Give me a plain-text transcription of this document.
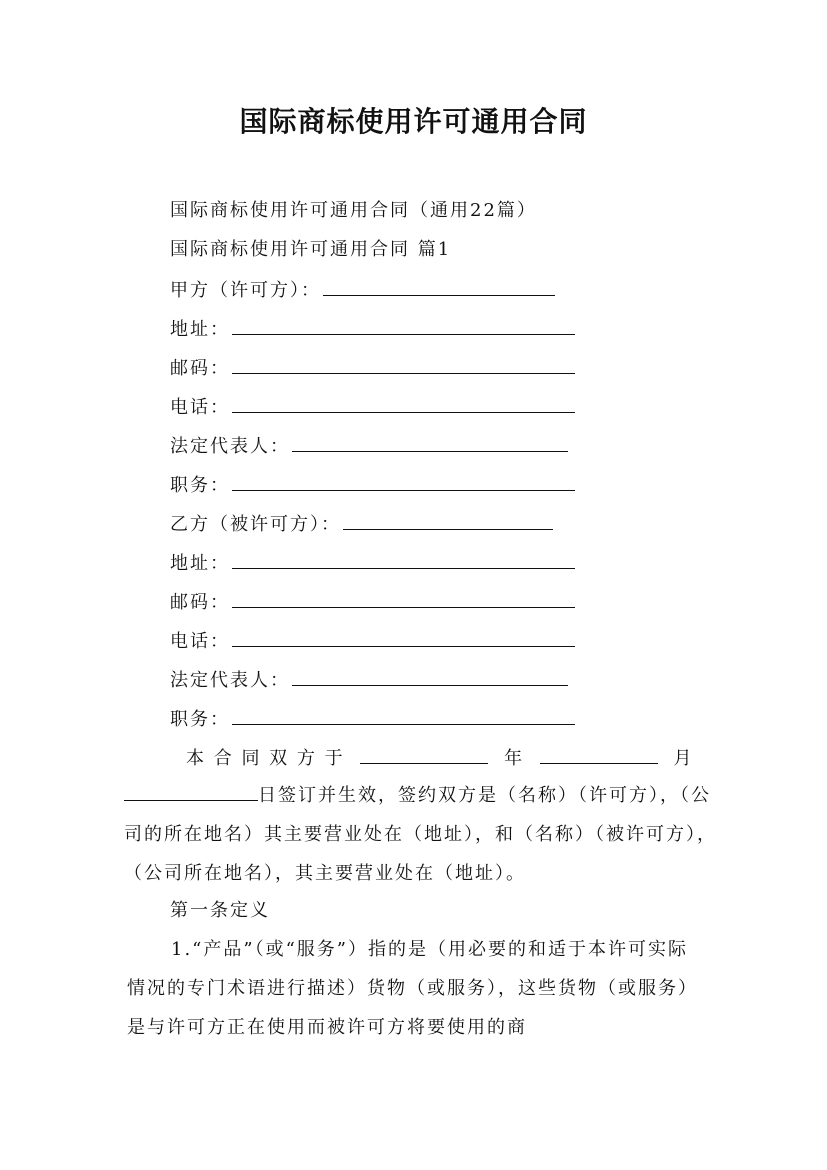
国际商标使用许可通用合同
国际商标使用许可通用合同（通用22篇）
国际商标使用许可通用合同 篇1
甲方（许可方）：
地址：
邮码：
电话：
法定代表人：
职务：
乙方（被许可方）：
地址：
邮码：
电话：
法定代表人：
职务：
本 合 同 双 方 于	年	月
日签订并生效，签约双方是（名称）（许可方），（公司的所在地名）其主要营业处在（地址），和（名称）（被许可方），（公司所在地名），其主要营业处在（地址）。
第一条定义
1.“产品”（或“服务”）指的是（用必要的和适于本许可实际情况的专门术语进行描述）货物（或服务），这些货物（或服务）是与许可方正在使用而被许可方将要使用的商
